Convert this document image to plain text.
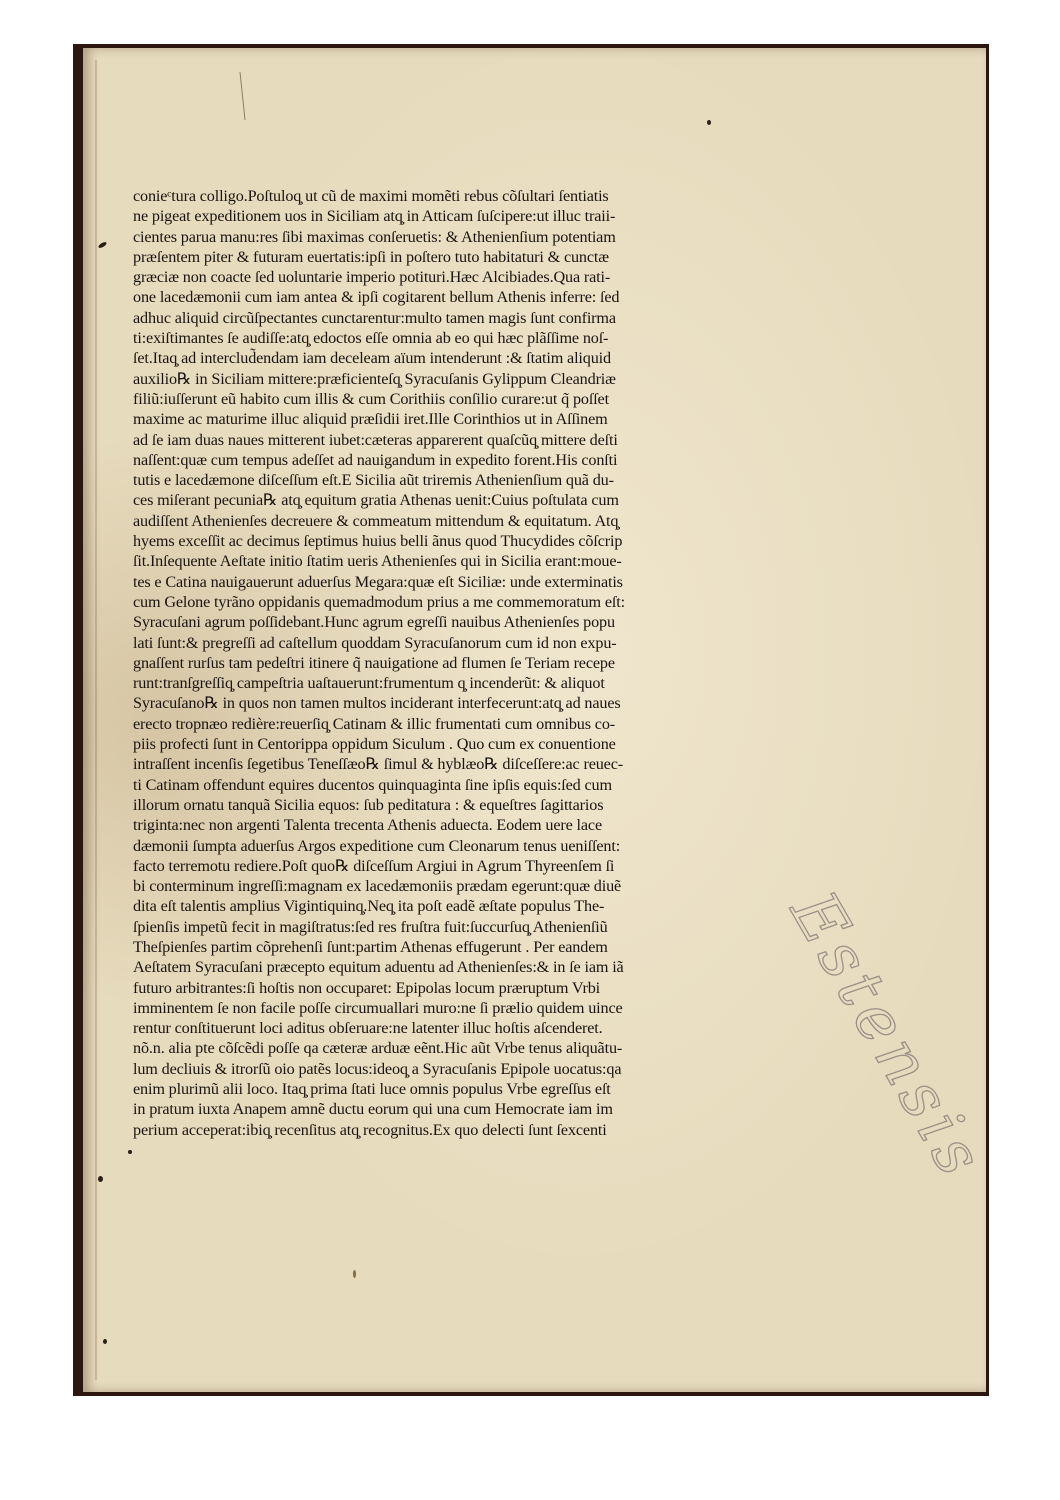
conieᶜtura colligo.Poſtuloq̧ ut cũ de maximi momẽti rebus cõſultari ſentiatis
ne pigeat expeditionem uos in Siciliam atq̧ in Atticam ſuſcipere:ut illuc traii-
cientes parua manu:res ſibi maximas conſeruetis: & Athenienſium potentiam
præſentem piter & futuram euertatis:ipſi in poſtero tuto habitaturi & cunctæ
græciæ non coacte ſed uoluntarie imperio potituri.Hæc Alcibiades.Qua rati-
one lacedæmonii cum iam antea & ipſi cogitarent bellum Athenis inferre: ſed
adhuc aliquid circũſpectantes cunctarentur:multo tamen magis ſunt confirma
ti:exiſtimantes ſe audiſſe:atq̧ edoctos eſſe omnia ab eo qui hæc plãſſime noſ-
ſet.Itaq̧ ad interclud̃endam iam deceleam aïum intenderunt :& ſtatim aliquid
auxilio℞ in Siciliam mittere:præficienteſq̧ Syracuſanis Gylippum Cleandriæ
filiũ:iuſſerunt eũ habito cum illis & cum Corithiis conſilio curare:ut q̃ poſſet
maxime ac maturime illuc aliquid præſidii iret.Ille Corinthios ut in Aſſinem
ad ſe iam duas naues mitterent iubet:cæteras apparerent quaſcũq̧ mittere deſti
naſſent:quæ cum tempus adeſſet ad nauigandum in expedito forent.His conſti
tutis e lacedæmone diſceſſum eſt.E Sicilia aũt triremis Athenienſium quã du-
ces miſerant pecunia℞ atq̧ equitum gratia Athenas uenit:Cuius poſtulata cum
audiſſent Athenienſes decreuere & commeatum mittendum & equitatum. Atq̧
hyems exceſſit ac decimus ſeptimus huius belli ãnus quod Thucydides cõſcrip
ſit.Inſequente Aeſtate initio ſtatim ueris Athenienſes qui in Sicilia erant:moue-
tes e Catina nauigauerunt aduerſus Megara:quæ eſt Siciliæ: unde exterminatis
cum Gelone tyrãno oppidanis quemadmodum prius a me commemoratum eſt:
Syracuſani agrum poſſidebant.Hunc agrum egreſſi nauibus Athenienſes popu
lati ſunt:& pregreſſi ad caſtellum quoddam Syracuſanorum cum id non expu-
gnaſſent rurſus tam pedeſtri itinere q̃ nauigatione ad flumen ſe Teriam recepe
runt:tranſgreſſiq̧ campeſtria uaſtauerunt:frumentum q̧ incenderũt: & aliquot
Syracuſano℞ in quos non tamen multos inciderant interfecerunt:atq̧ ad naues
erecto tropnæo redière:reuerſiq̧ Catinam & illic frumentati cum omnibus co-
piis profecti ſunt in Centorippa oppidum Siculum . Quo cum ex conuentione
intraſſent incenſis ſegetibus Teneſſæo℞ ſimul & hyblæo℞ diſceſſere:ac reuec-
ti Catinam offendunt equires ducentos quinquaginta ſine ipſis equis:ſed cum
illorum ornatu tanquã Sicilia equos: ſub peditatura : & equeſtres ſagittarios
triginta:nec non argenti Talenta trecenta Athenis aduecta. Eodem uere lace
dæmonii ſumpta aduerſus Argos expeditione cum Cleonarum tenus ueniſſent:
facto terremotu rediere.Poſt quo℞ diſceſſum Argiui in Agrum Thyreenſem ſi
bi conterminum ingreſſi:magnam ex lacedæmoniis prædam egerunt:quæ diuẽ
dita eſt talentis amplius Vigintiquinq̧.Neq̧ ita poſt eadẽ æſtate populus The-
ſpienſis impetũ fecit in magiſtratus:ſed res fruſtra fuit:ſuccurſuq̧ Athenienſiũ
Theſpienſes partim cõprehenſi ſunt:partim Athenas effugerunt . Per eandem
Aeſtatem Syracuſani præcepto equitum aduentu ad Athenienſes:& in ſe iam iã
futuro arbitrantes:ſi hoſtis non occuparet: Epipolas locum præruptum Vrbi
imminentem ſe non facile poſſe circumuallari muro:ne ſi prælio quidem uince
rentur conſtituerunt loci aditus obſeruare:ne latenter illuc hoſtis aſcenderet.
nõ.n. alia pte cõſcẽdi poſſe qa cæteræ arduæ eẽnt.Hic aũt Vrbe tenus aliquãtu-
lum decliuis & itrorſũ oio patẽs locus:ideoq̧ a Syracuſanis Epipole uocatus:qa
enim plurimũ alii loco. Itaq̧ prima ſtati luce omnis populus Vrbe egreſſus eſt
in pratum iuxta Anapem amnẽ ductu eorum qui una cum Hemocrate iam im
perium acceperat:ibiq̧ recenſitus atq̧ recognitus.Ex quo delecti ſunt ſexcenti	Estensis
